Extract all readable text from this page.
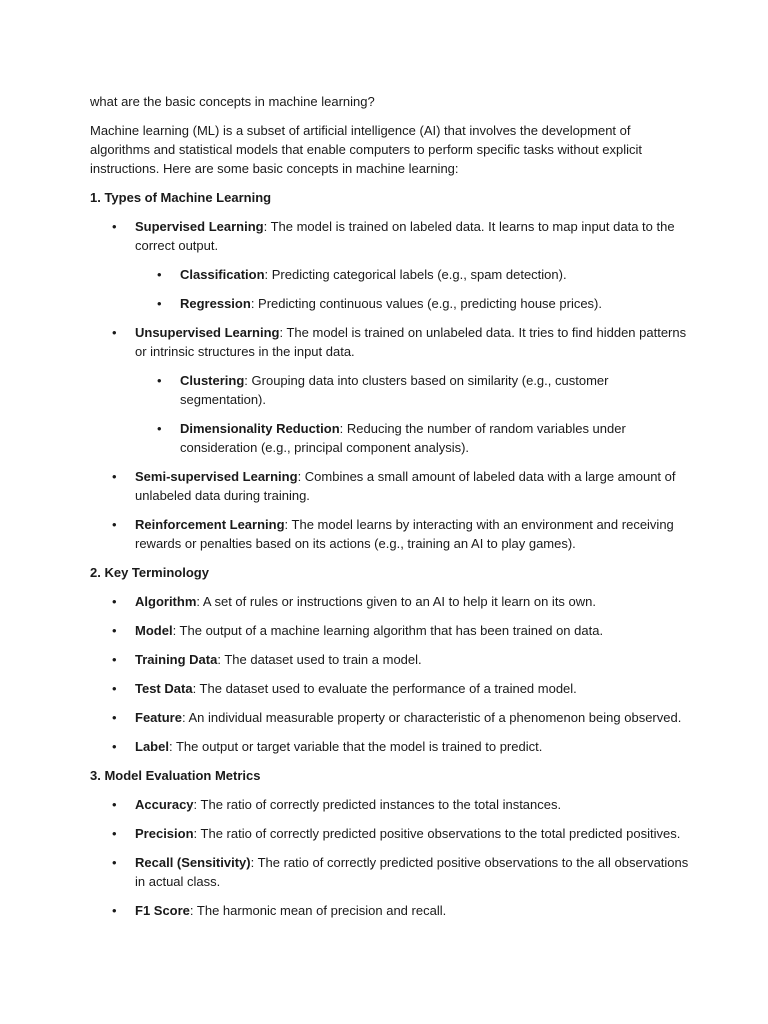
what are the basic concepts in machine learning?

Machine learning (ML) is a subset of artificial intelligence (AI) that involves the development of algorithms and statistical models that enable computers to perform specific tasks without explicit instructions. Here are some basic concepts in machine learning:

1. Types of Machine Learning

• Supervised Learning: The model is trained on labeled data. It learns to map input data to the correct output.
• Classification: Predicting categorical labels (e.g., spam detection).
• Regression: Predicting continuous values (e.g., predicting house prices).
• Unsupervised Learning: The model is trained on unlabeled data. It tries to find hidden patterns or intrinsic structures in the input data.
• Clustering: Grouping data into clusters based on similarity (e.g., customer segmentation).
• Dimensionality Reduction: Reducing the number of random variables under consideration (e.g., principal component analysis).
• Semi-supervised Learning: Combines a small amount of labeled data with a large amount of unlabeled data during training.
• Reinforcement Learning: The model learns by interacting with an environment and receiving rewards or penalties based on its actions (e.g., training an AI to play games).

2. Key Terminology

• Algorithm: A set of rules or instructions given to an AI to help it learn on its own.
• Model: The output of a machine learning algorithm that has been trained on data.
• Training Data: The dataset used to train a model.
• Test Data: The dataset used to evaluate the performance of a trained model.
• Feature: An individual measurable property or characteristic of a phenomenon being observed.
• Label: The output or target variable that the model is trained to predict.

3. Model Evaluation Metrics

• Accuracy: The ratio of correctly predicted instances to the total instances.
• Precision: The ratio of correctly predicted positive observations to the total predicted positives.
• Recall (Sensitivity): The ratio of correctly predicted positive observations to the all observations in actual class.
• F1 Score: The harmonic mean of precision and recall.
